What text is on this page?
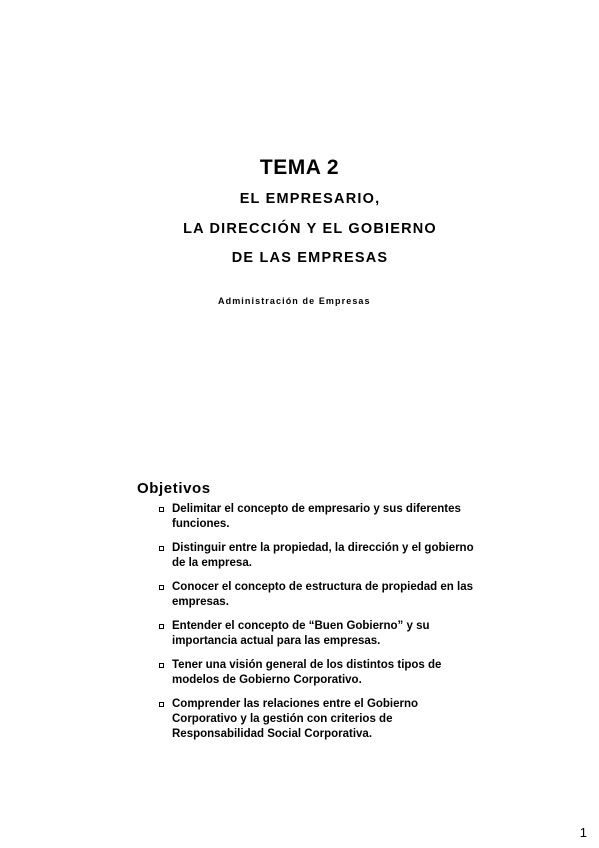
TEMA 2

EL EMPRESARIO,

LA DIRECCIÓN Y EL GOBIERNO

DE LAS EMPRESAS

Administración de Empresas

Objetivos
Delimitar el concepto de empresario y sus diferentes funciones.
Distinguir entre la propiedad, la dirección y el gobierno de la empresa.
Conocer el concepto de estructura de propiedad en las empresas.
Entender el concepto de “Buen Gobierno” y su importancia actual para las empresas.
Tener una visión general de los distintos tipos de modelos de Gobierno Corporativo.
Comprender las relaciones entre el Gobierno Corporativo y la gestión con criterios de Responsabilidad Social Corporativa.

1
